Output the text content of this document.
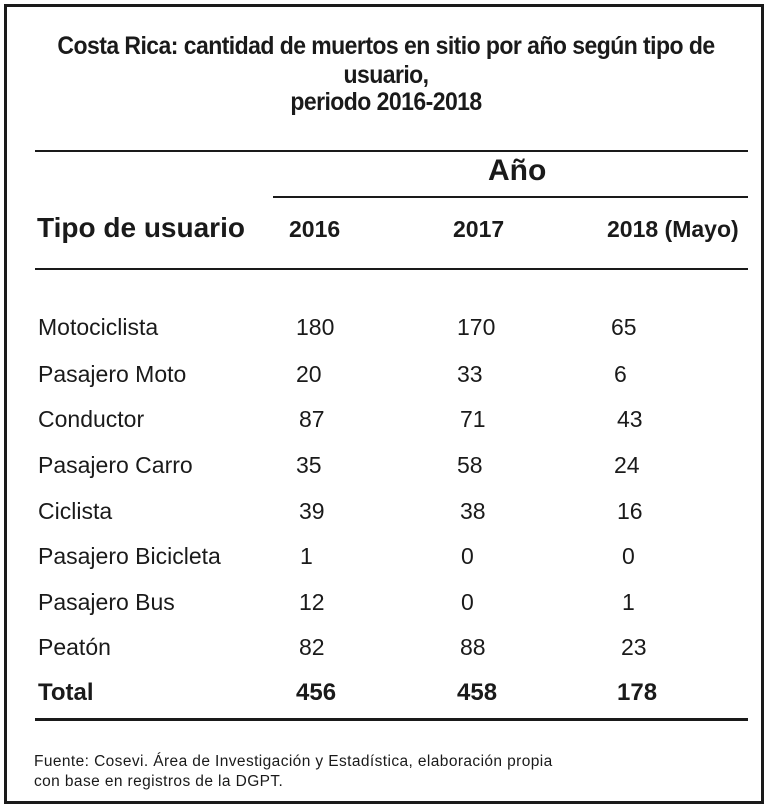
Costa Rica: cantidad de muertos en sitio por año según tipo de usuario,
periodo 2016-2018
Año
Tipo de usuario 2016	2017	2018 (Mayo)
Motociclista	180	170	65
Pasajero Moto	20	33	6
Conductor	87	71	43
Pasajero Carro	35	58	24
Ciclista	39	38	16
Pasajero Bicicleta	1	0	0
Pasajero Bus	12	0	1
Peatón	82	88	23
Total	456	458	178
Fuente: Cosevi. Área de Investigación y Estadística, elaboración propia
con base en registros de la DGPT.
